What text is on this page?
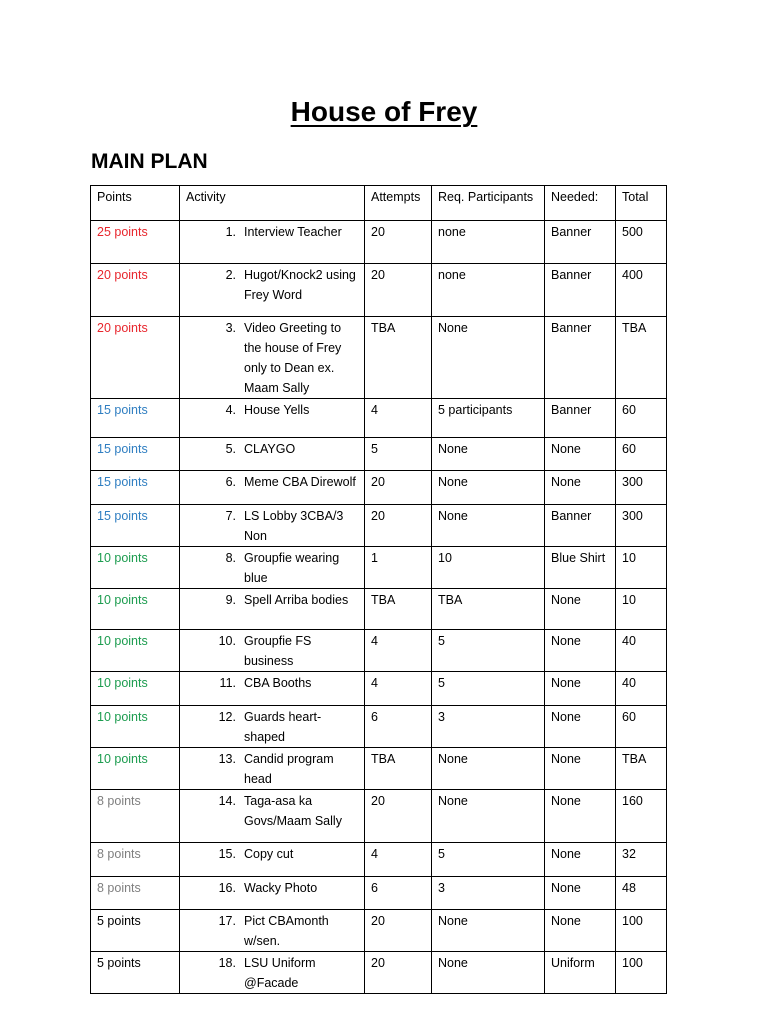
House of Frey
MAIN PLAN
Points	Activity	Attempts	Req. Participants	Needed:	Total
25 points	1. Interview Teacher	20	none	Banner	500
20 points	2. Hugot/Knock2 using Frey Word	20	none	Banner	400
20 points	3. Video Greeting to the house of Frey only to Dean ex. Maam Sally	TBA	None	Banner	TBA
15 points	4. House Yells	4	5 participants	Banner	60
15 points	5. CLAYGO	5	None	None	60
15 points	6. Meme CBA Direwolf	20	None	None	300
15 points	7. LS Lobby 3CBA/3 Non	20	None	Banner	300
10 points	8. Groupfie wearing blue	1	10	Blue Shirt	10
10 points	9. Spell Arriba bodies	TBA	TBA	None	10
10 points	10. Groupfie FS business	4	5	None	40
10 points	11. CBA Booths	4	5	None	40
10 points	12. Guards heart-shaped	6	3	None	60
10 points	13. Candid program head	TBA	None	None	TBA
8 points	14. Taga-asa ka Govs/Maam Sally	20	None	None	160
8 points	15. Copy cut	4	5	None	32
8 points	16. Wacky Photo	6	3	None	48
5 points	17. Pict CBAmonth w/sen.	20	None	None	100
5 points	18. LSU Uniform @Facade	20	None	Uniform	100
